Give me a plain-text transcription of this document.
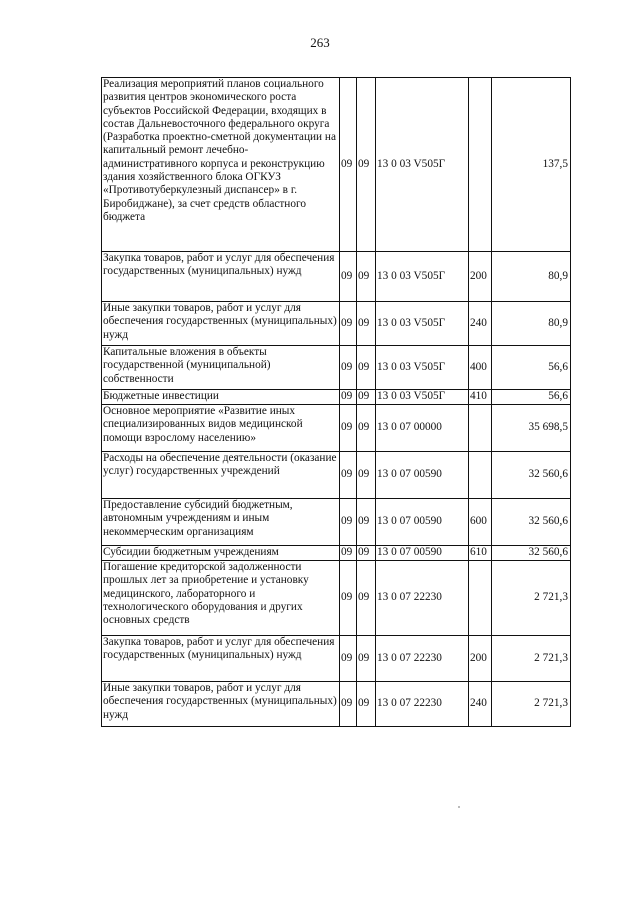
263
Реализация мероприятий планов социального развития центров экономического роста субъектов Российской Федерации, входящих в состав Дальневосточного федерального округа (Разработка проектно-сметной документации на капитальный ремонт лечебно-административного корпуса и реконструкцию здания хозяйственного блока ОГКУЗ «Противотуберкулезный диспансер» в г. Биробиджане), за счет средств областного бюджета	09	09	13 0 03 V505Г		137,5
Закупка товаров, работ и услуг для обеспечения государственных (муниципальных) нужд	09	09	13 0 03 V505Г	200	80,9
Иные закупки товаров, работ и услуг для обеспечения государственных (муниципальных) нужд	09	09	13 0 03 V505Г	240	80,9
Капитальные вложения в объекты государственной (муниципальной) собственности	09	09	13 0 03 V505Г	400	56,6
Бюджетные инвестиции	09	09	13 0 03 V505Г	410	56,6
Основное мероприятие «Развитие иных специализированных видов медицинской помощи взрослому населению»	09	09	13 0 07 00000		35 698,5
Расходы на обеспечение деятельности (оказание услуг) государственных учреждений	09	09	13 0 07 00590		32 560,6
Предоставление субсидий бюджетным, автономным учреждениям и иным некоммерческим организациям	09	09	13 0 07 00590	600	32 560,6
Субсидии бюджетным учреждениям	09	09	13 0 07 00590	610	32 560,6
Погашение кредиторской задолженности прошлых лет за приобретение и установку медицинского, лабораторного и технологического оборудования и других основных средств	09	09	13 0 07 22230		2 721,3
Закупка товаров, работ и услуг для обеспечения государственных (муниципальных) нужд	09	09	13 0 07 22230	200	2 721,3
Иные закупки товаров, работ и услуг для обеспечения государственных (муниципальных) нужд	09	09	13 0 07 22230	240	2 721,3
